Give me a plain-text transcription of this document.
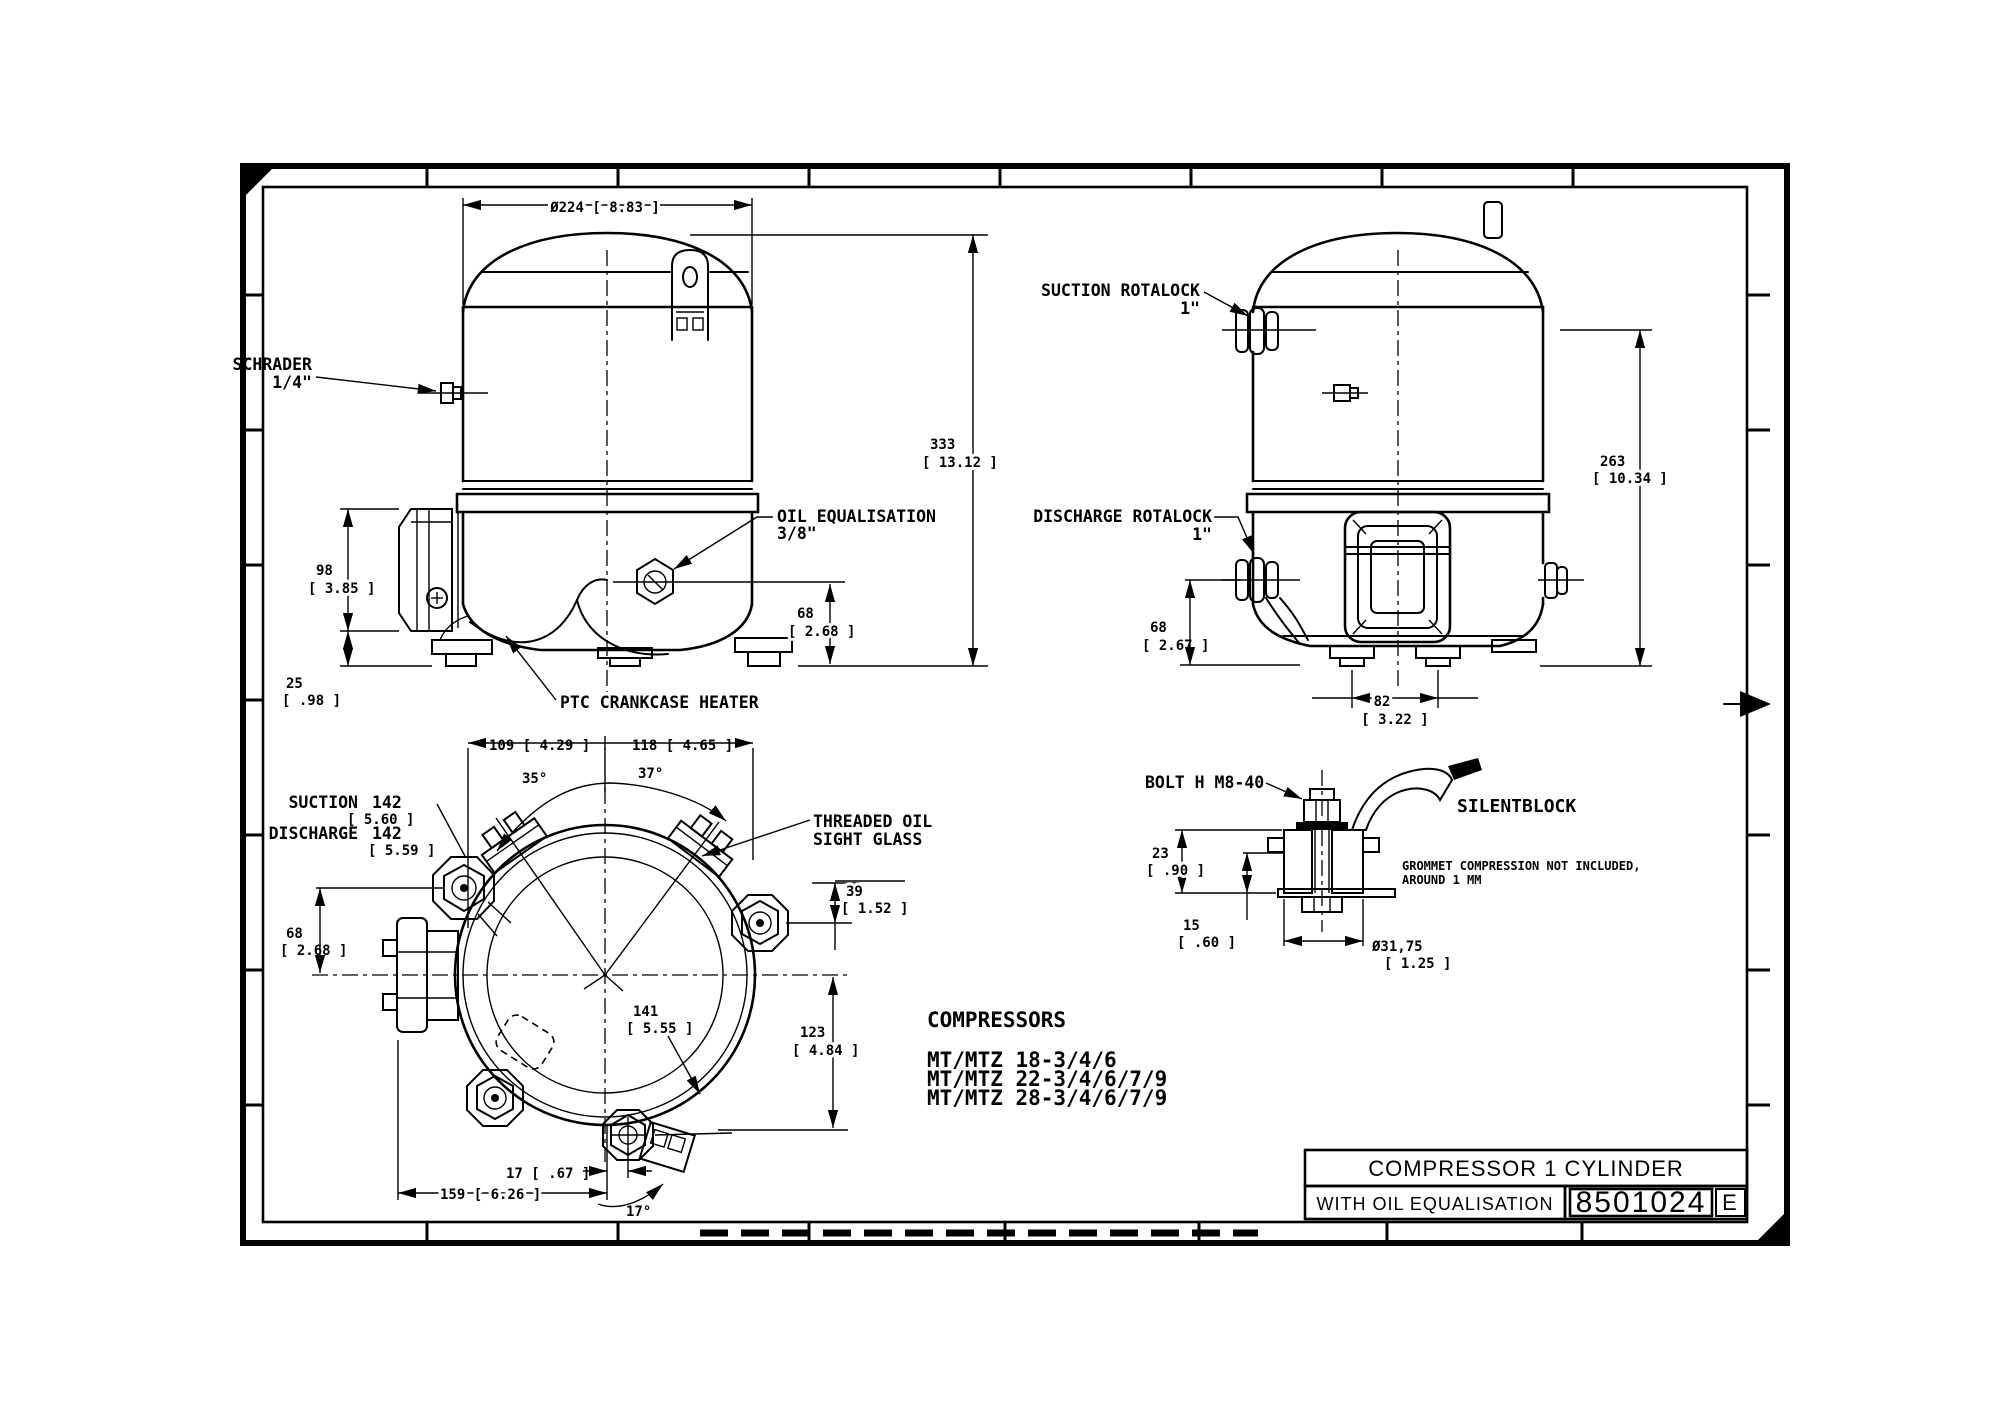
Ø224 [ 8.83 ]
333
[ 13.12 ]
68
[ 2.68 ]
98
[ 3.85 ]
25
[ .98 ]
SCHRADER
1/4"
OIL EQUALISATION
3/8"
PTC CRANKCASE HEATER
263
[ 10.34 ]
68
[ 2.67 ]
82
[ 3.22 ]
SUCTION ROTALOCK
1"
DISCHARGE ROTALOCK
1"
109 [ 4.29 ]	118 [ 4.65 ]
35°	37°
SUCTION 142
[ 5.60 ]
DISCHARGE 142
[ 5.59 ]
68
[ 2.68 ]
39
[ 1.52 ]
THREADED OIL
SIGHT GLASS
141
[ 5.55 ]	123
[ 4.84 ]
17 [ .67 ]
159 [ 6.26 ]
17°
COMPRESSORS
MT/MTZ 18-3/4/6
MT/MTZ 22-3/4/6/7/9
MT/MTZ 28-3/4/6/7/9
23
[ .90 ]
15
[ .60 ]	Ø31,75
[ 1.25 ]
BOLT H M8-40
SILENTBLOCK
GROMMET COMPRESSION NOT INCLUDED,
AROUND 1 MM
COMPRESSOR 1 CYLINDER
WITH OIL EQUALISATION 8501024 E
